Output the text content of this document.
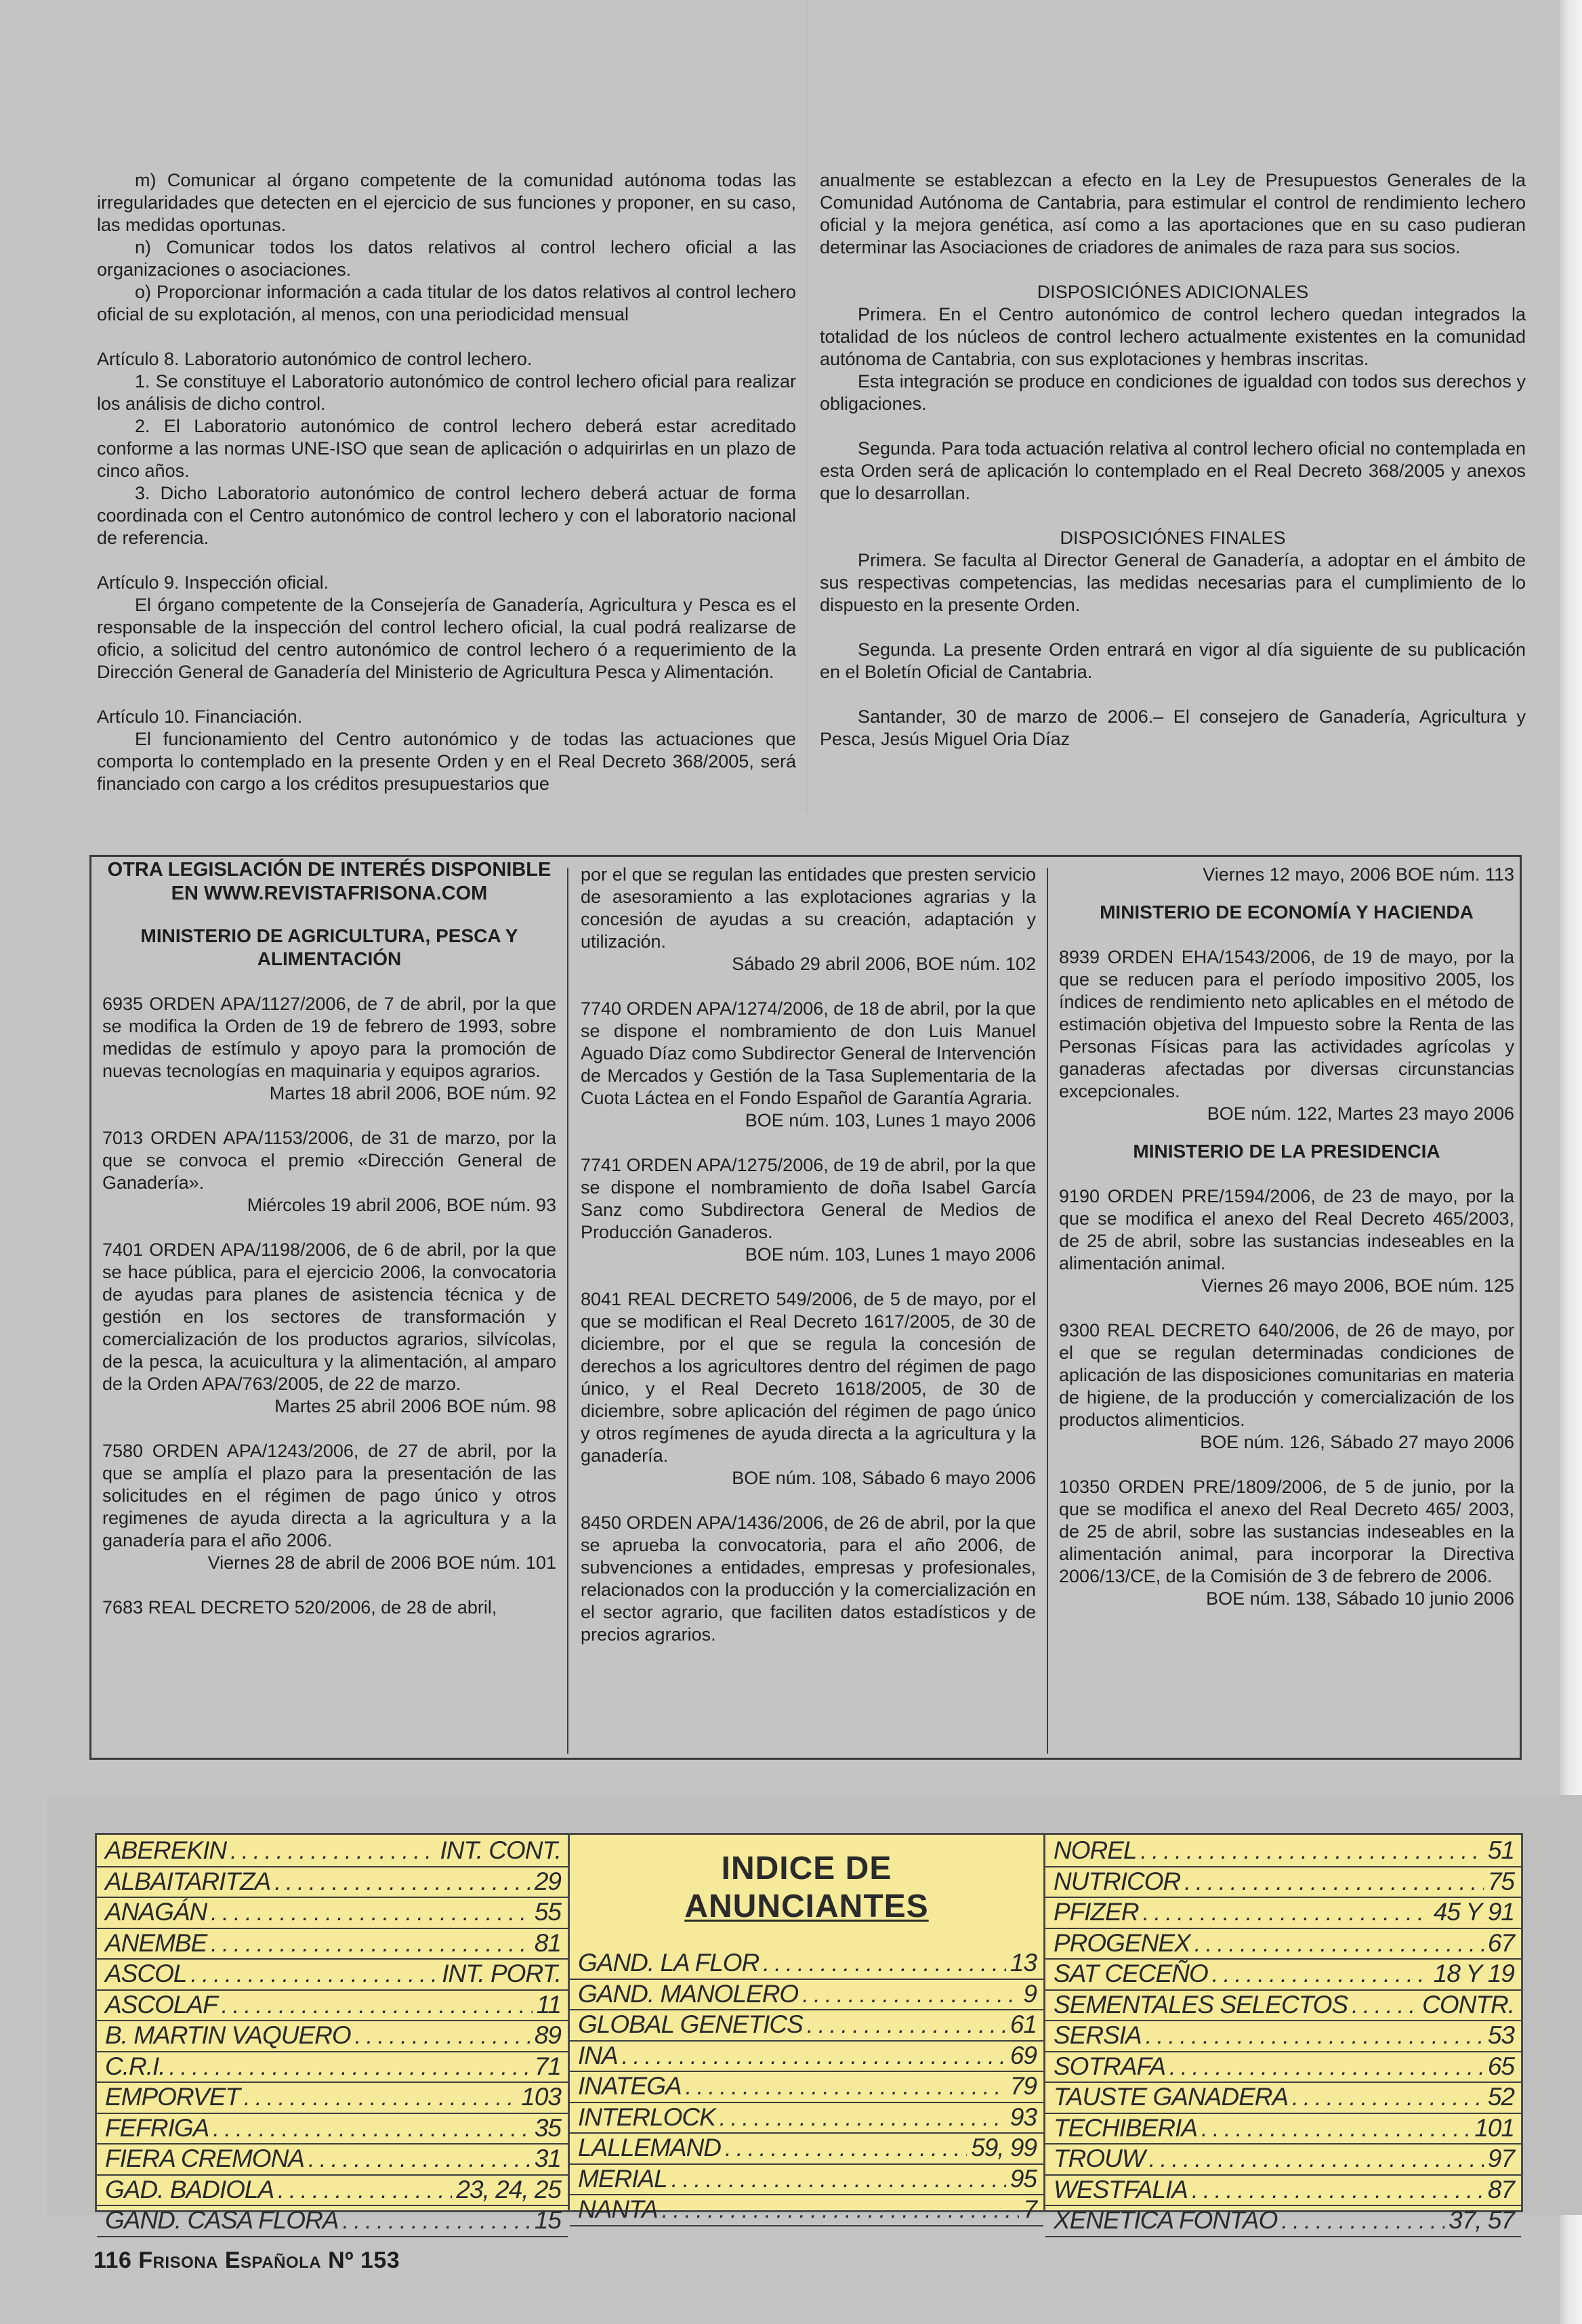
m) Comunicar al órgano competente de la comunidad autónoma todas las irregularidades que detecten en el ejercicio de sus funciones y proponer, en su caso, las medidas oportunas.

n) Comunicar todos los datos relativos al control lechero oficial a las organizaciones o asociaciones.

o) Proporcionar información a cada titular de los datos relativos al control lechero oficial de su explotación, al menos, con una periodicidad mensual

Artículo 8. Laboratorio autonómico de control lechero.

1. Se constituye el Laboratorio autonómico de control lechero oficial para realizar los análisis de dicho control.

2. El Laboratorio autonómico de control lechero deberá estar acreditado conforme a las normas UNE-ISO que sean de aplicación o adquirirlas en un plazo de cinco años.

3. Dicho Laboratorio autonómico de control lechero deberá actuar de forma coordinada con el Centro autonómico de control lechero y con el laboratorio nacional de referencia.

Artículo 9. Inspección oficial.

El órgano competente de la Consejería de Ganadería, Agricultura y Pesca es el responsable de la inspección del control lechero oficial, la cual podrá realizarse de oficio, a solicitud del centro autonómico de control lechero ó a requerimiento de la Dirección General de Ganadería del Ministerio de Agricultura Pesca y Alimentación.

Artículo 10. Financiación.

El funcionamiento del Centro autonómico y de todas las actuaciones que comporta lo contemplado en la presente Orden y en el Real Decreto 368/2005, será financiado con cargo a los créditos presupuestarios que

anualmente se establezcan a efecto en la Ley de Presupuestos Generales de la Comunidad Autónoma de Cantabria, para estimular el control de rendimiento lechero oficial y la mejora genética, así como a las aportaciones que en su caso pudieran determinar las Asociaciones de criadores de animales de raza para sus socios.

DISPOSICIÓNES ADICIONALES

Primera. En el Centro autonómico de control lechero quedan integrados la totalidad de los núcleos de control lechero actualmente existentes en la comunidad autónoma de Cantabria, con sus explotaciones y hembras inscritas.

Esta integración se produce en condiciones de igualdad con todos sus derechos y obligaciones.

Segunda. Para toda actuación relativa al control lechero oficial no contemplada en esta Orden será de aplicación lo contemplado en el Real Decreto 368/2005 y anexos que lo desarrollan.

DISPOSICIÓNES FINALES

Primera. Se faculta al Director General de Ganadería, a adoptar en el ámbito de sus respectivas competencias, las medidas necesarias para el cumplimiento de lo dispuesto en la presente Orden.

Segunda. La presente Orden entrará en vigor al día siguiente de su publicación en el Boletín Oficial de Cantabria.

Santander, 30 de marzo de 2006.– El consejero de Ganadería, Agricultura y Pesca, Jesús Miguel Oria Díaz

OTRA LEGISLACIÓN DE INTERÉS DISPONIBLE EN WWW.REVISTAFRISONA.COM

MINISTERIO DE AGRICULTURA, PESCA Y ALIMENTACIÓN

6935 ORDEN APA/1127/2006, de 7 de abril, por la que se modifica la Orden de 19 de febrero de 1993, sobre medidas de estímulo y apoyo para la promoción de nuevas tecnologías en maquinaria y equipos agrarios.

Martes 18 abril 2006, BOE núm. 92

7013 ORDEN APA/1153/2006, de 31 de marzo, por la que se convoca el premio «Dirección General de Ganadería».

Miércoles 19 abril 2006, BOE núm. 93

7401 ORDEN APA/1198/2006, de 6 de abril, por la que se hace pública, para el ejercicio 2006, la convocatoria de ayudas para planes de asistencia técnica y de gestión en los sectores de transformación y comercialización de los productos agrarios, silvícolas, de la pesca, la acuicultura y la alimentación, al amparo de la Orden APA/763/2005, de 22 de marzo.

Martes 25 abril 2006 BOE núm. 98

7580 ORDEN APA/1243/2006, de 27 de abril, por la que se amplía el plazo para la presentación de las solicitudes en el régimen de pago único y otros regimenes de ayuda directa a la agricultura y a la ganadería para el año 2006.

Viernes 28 de abril de 2006 BOE núm. 101

7683 REAL DECRETO 520/2006, de 28 de abril,

por el que se regulan las entidades que presten servicio de asesoramiento a las explotaciones agrarias y la concesión de ayudas a su creación, adaptación y utilización.

Sábado 29 abril 2006, BOE núm. 102

7740 ORDEN APA/1274/2006, de 18 de abril, por la que se dispone el nombramiento de don Luis Manuel Aguado Díaz como Subdirector General de Intervención de Mercados y Gestión de la Tasa Suplementaria de la Cuota Láctea en el Fondo Español de Garantía Agraria.

BOE núm. 103, Lunes 1 mayo 2006

7741 ORDEN APA/1275/2006, de 19 de abril, por la que se dispone el nombramiento de doña Isabel García Sanz como Subdirectora General de Medios de Producción Ganaderos.

BOE núm. 103, Lunes 1 mayo 2006

8041 REAL DECRETO 549/2006, de 5 de mayo, por el que se modifican el Real Decreto 1617/2005, de 30 de diciembre, por el que se regula la concesión de derechos a los agricultores dentro del régimen de pago único, y el Real Decreto 1618/2005, de 30 de diciembre, sobre aplicación del régimen de pago único y otros regímenes de ayuda directa a la agricultura y la ganadería.

BOE núm. 108, Sábado 6 mayo 2006

8450 ORDEN APA/1436/2006, de 26 de abril, por la que se aprueba la convocatoria, para el año 2006, de subvenciones a entidades, empresas y profesionales, relacionados con la producción y la comercialización en el sector agrario, que faciliten datos estadísticos y de precios agrarios.

Viernes 12 mayo, 2006 BOE núm. 113

MINISTERIO DE ECONOMÍA Y HACIENDA

8939 ORDEN EHA/1543/2006, de 19 de mayo, por la que se reducen para el período impositivo 2005, los índices de rendimiento neto aplicables en el método de estimación objetiva del Impuesto sobre la Renta de las Personas Físicas para las actividades agrícolas y ganaderas afectadas por diversas circunstancias excepcionales.

BOE núm. 122, Martes 23 mayo 2006

MINISTERIO DE LA PRESIDENCIA

9190 ORDEN PRE/1594/2006, de 23 de mayo, por la que se modifica el anexo del Real Decreto 465/2003, de 25 de abril, sobre las sustancias indeseables en la alimentación animal.

Viernes 26 mayo 2006, BOE núm. 125

9300 REAL DECRETO 640/2006, de 26 de mayo, por el que se regulan determinadas condiciones de aplicación de las disposiciones comunitarias en materia de higiene, de la producción y comercialización de los productos alimenticios.

BOE núm. 126, Sábado 27 mayo 2006

10350 ORDEN PRE/1809/2006, de 5 de junio, por la que se modifica el anexo del Real Decreto 465/ 2003, de 25 de abril, sobre las sustancias indeseables en la alimentación animal, para incorporar la Directiva 2006/13/CE, de la Comisión de 3 de febrero de 2006.

BOE núm. 138, Sábado 10 junio 2006

ABEREKIN . . .	INT. CONT.
ALBAITARITZA . . .	29
ANAGÁN . . .	55
ANEMBE . . .	81
ASCOL . . .	INT. PORT.
ASCOLAF . . .	11
B. MARTIN VAQUERO . . .	89
C.R.I. . . .	71
EMPORVET . . .	103
FEFRIGA . . .	35
FIERA CREMONA . . .	31
GAD. BADIOLA . . .	23, 24, 25
GAND. CASA FLORA . . .	15
INDICE DE
ANUNCIANTES
GAND. LA FLOR . . .	13
GAND. MANOLERO . . .	9
GLOBAL GENETICS . . .	61
INA . . .	69
INATEGA . . .	79
INTERLOCK . . .	93
LALLEMAND . . .	59, 99
MERIAL . . .	95
NANTA . . .	7
NOREL . . .	51
NUTRICOR . . .	75
PFIZER . . .	45 Y 91
PROGENEX . . .	67
SAT CECEÑO . . .	18 Y 19
SEMENTALES SELECTOS . . .	CONTR.
SERSIA . . .	53
SOTRAFA . . .	65
TAUSTE GANADERA . . .	52
TECHIBERIA . . .	101
TROUW . . .	97
WESTFALIA . . .	87
XENETICA FONTAO . . .	37, 57
116 Frisona Española Nº 153
